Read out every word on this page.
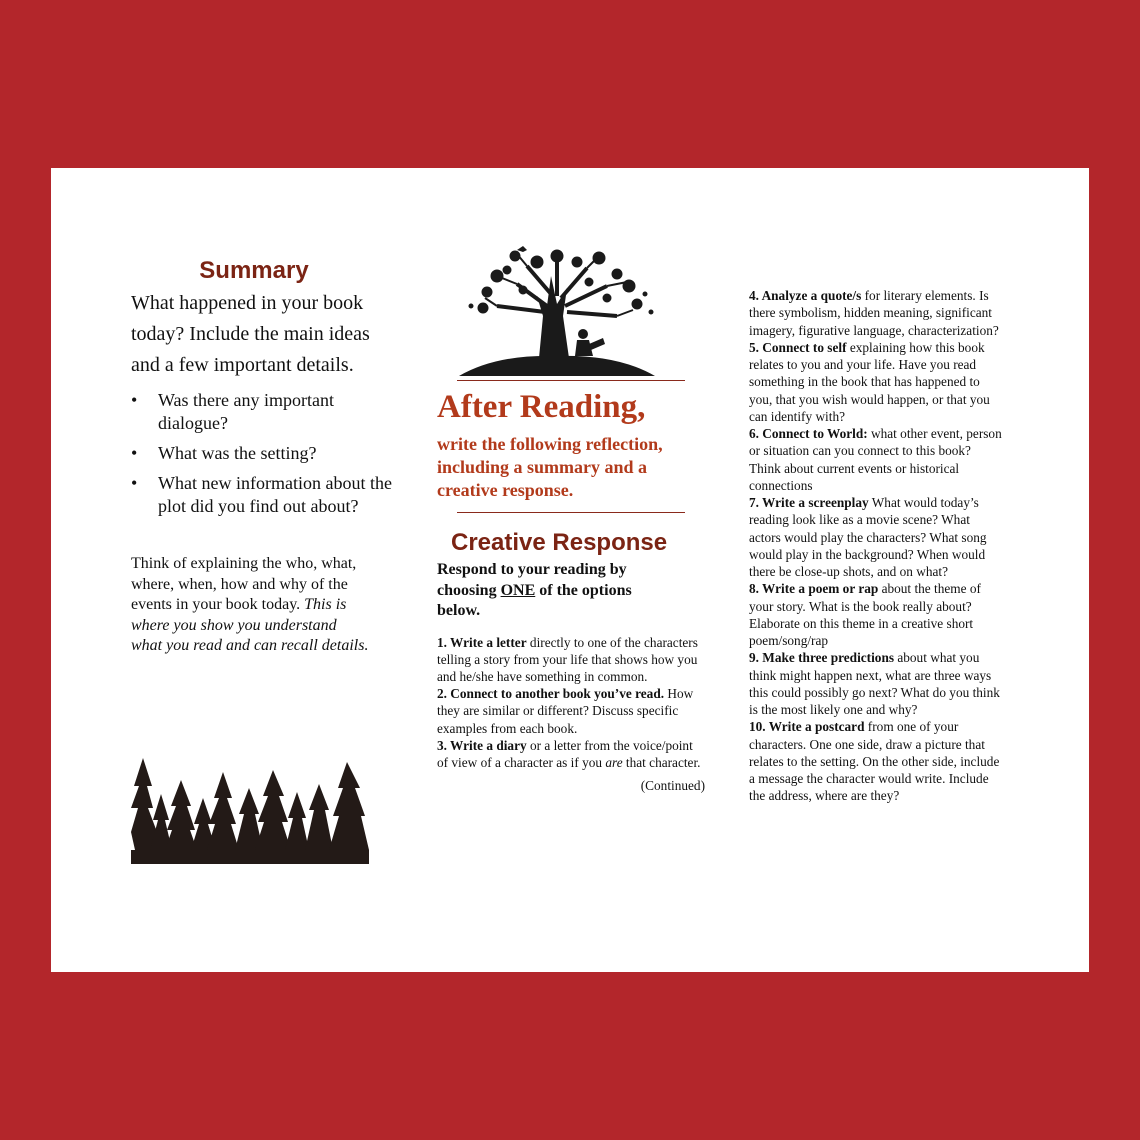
Summary

What happened in your book today? Include the main ideas and a few important details.

• Was there any important dialogue?
• What was the setting?
• What new information about the plot did you find out about?
Think of explaining the who, what, where, when, how and why of the events in your book today. This is where you show you understand what you read and can recall details.
After Reading,
write the following reflection, including a summary and a creative response.
Creative Response
Respond to your reading by choosing ONE of the options below.
1. Write a letter directly to one of the characters telling a story from your life that shows how you and he/she have something in common.
2. Connect to another book you’ve read. How they are similar or different? Discuss specific examples from each book.
3. Write a diary or a letter from the voice/point of view of a character as if you are that character.
(Continued)
4. Analyze a quote/s for literary elements. Is there symbolism, hidden meaning, significant imagery, figurative language, characterization?
5. Connect to self explaining how this book relates to you and your life. Have you read something in the book that has happened to you, that you wish would happen, or that you can identify with?
6. Connect to World: what other event, person or situation can you connect to this book? Think about current events or historical connections
7. Write a screenplay What would today’s reading look like as a movie scene? What actors would play the characters? What song would play in the background? When would there be close-up shots, and on what?
8. Write a poem or rap about the theme of your story. What is the book really about? Elaborate on this theme in a creative short poem/song/rap
9. Make three predictions about what you think might happen next, what are three ways this could possibly go next? What do you think is the most likely one and why?
10. Write a postcard from one of your characters. One one side, draw a picture that relates to the setting. On the other side, include a message the character would write. Include the address, where are they?
